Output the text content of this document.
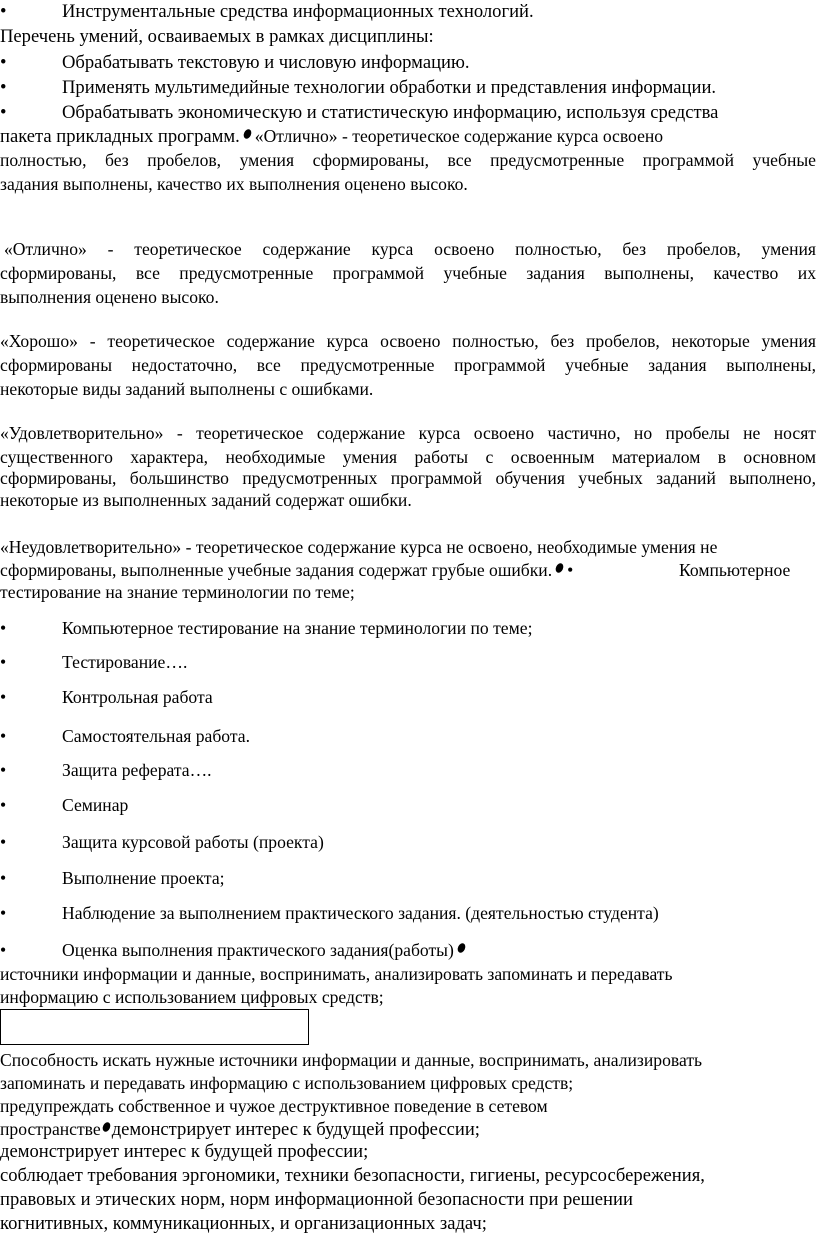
•	Инструментальные средства информационных технологий.
Перечень умений, осваиваемых в рамках дисциплины:
•	Обрабатывать текстовую и числовую информацию.
•	Применять мультимедийные технологии обработки и представления информации.
•	Обрабатывать экономическую и статистическую информацию, используя средства
пакета прикладных программ. «Отлично» - теоретическое содержание курса освоено
полностью, без пробелов, умения сформированы, все предусмотренные программой учебные
задания выполнены, качество их выполнения оценено высоко.
«Отлично» - теоретическое содержание курса освоено полностью, без пробелов, умения
сформированы, все предусмотренные программой учебные задания выполнены, качество их
выполнения оценено высоко.
«Хорошо» - теоретическое содержание курса освоено полностью, без пробелов, некоторые умения
сформированы недостаточно, все предусмотренные программой учебные задания выполнены,
некоторые виды заданий выполнены с ошибками.
«Удовлетворительно» - теоретическое содержание курса освоено частично, но пробелы не носят
существенного характера, необходимые умения работы с освоенным материалом в основном
сформированы, большинство предусмотренных программой обучения учебных заданий выполнено,
некоторые из выполненных заданий содержат ошибки.
«Неудовлетворительно» - теоретическое содержание курса не освоено, необходимые умения не
сформированы, выполненные учебные задания содержат грубые ошибки. •	Компьютерное
тестирование на знание терминологии по теме;
•	Компьютерное тестирование на знание терминологии по теме;
•	Тестирование….
•	Контрольная работа
•	Самостоятельная работа.
•	Защита реферата….
•	Семинар
•	Защита курсовой работы (проекта)
•	Выполнение проекта;
•	Наблюдение за выполнением практического задания. (деятельностью студента)
•	Оценка выполнения практического задания(работы)
источники информации и данные, воспринимать, анализировать запоминать и передавать
информацию с использованием цифровых средств;
Способность искать нужные источники информации и данные, воспринимать, анализировать
запоминать и передавать информацию с использованием цифровых средств;
предупреждать собственное и чужое деструктивное поведение в сетевом
пространстве демонстрирует интерес к будущей профессии;
демонстрирует интерес к будущей профессии;
соблюдает требования эргономики, техники безопасности, гигиены, ресурсосбережения,
правовых и этических норм, норм информационной безопасности при решении
когнитивных, коммуникационных, и организационных задач;
